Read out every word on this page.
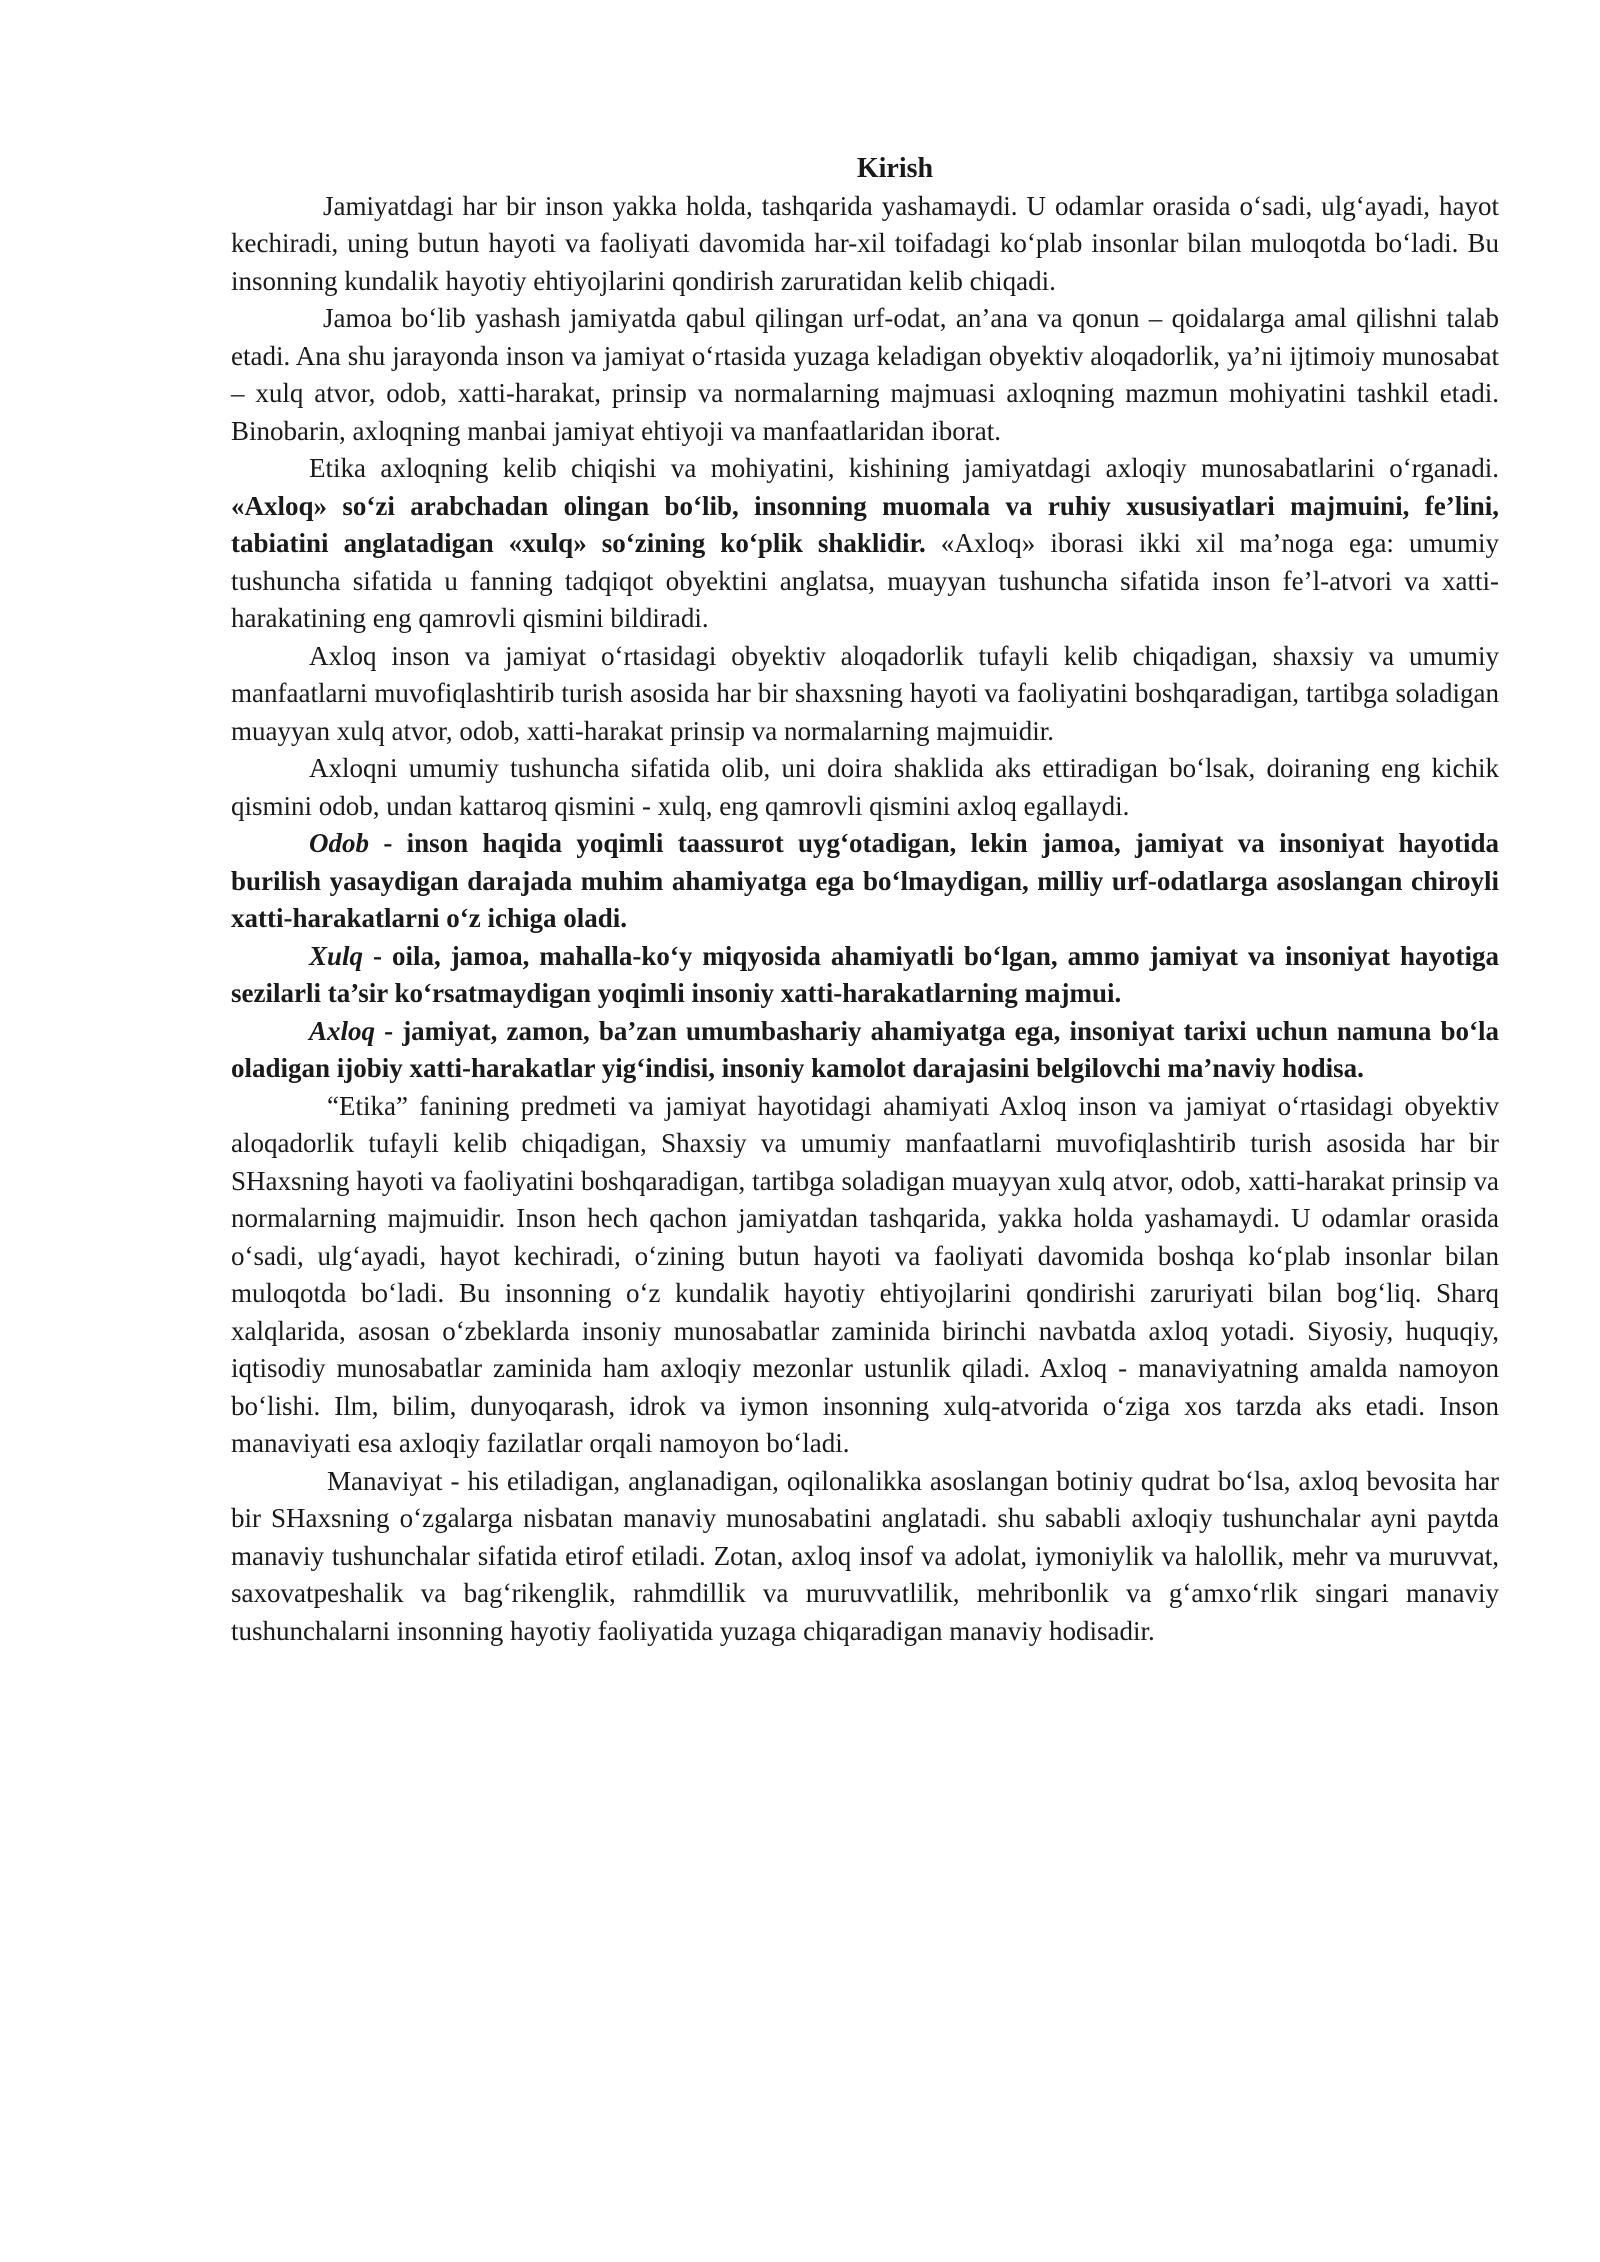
Kirish

Jamiyatdagi har bir inson yakka holda, tashqarida yashamaydi. U odamlar orasida o‘sadi, ulg‘ayadi, hayot kechiradi, uning butun hayoti va faoliyati davomida har-xil toifadagi ko‘plab insonlar bilan muloqotda bo‘ladi. Bu insonning kundalik hayotiy ehtiyojlarini qondirish zaruratidan kelib chiqadi.

Jamoa bo‘lib yashash jamiyatda qabul qilingan urf-odat, an’ana va qonun – qoidalarga amal qilishni talab etadi. Ana shu jarayonda inson va jamiyat o‘rtasida yuzaga keladigan obyektiv aloqadorlik, ya’ni ijtimoiy munosabat – xulq atvor, odob, xatti-harakat, prinsip va normalarning majmuasi axloqning mazmun mohiyatini tashkil etadi. Binobarin, axloqning manbai jamiyat ehtiyoji va manfaatlaridan iborat.

Etika axloqning kelib chiqishi va mohiyatini, kishining jamiyatdagi axloqiy munosabatlarini o‘rganadi. «Axloq» so‘zi arabchadan olingan bo‘lib, insonning muomala va ruhiy xususiyatlari majmuini, fe’lini, tabiatini anglatadigan «xulq» so‘zining ko‘plik shaklidir. «Axloq» iborasi ikki xil ma’noga ega: umumiy tushuncha sifatida u fanning tadqiqot obyektini anglatsa, muayyan tushuncha sifatida inson fe’l-atvori va xatti-harakatining eng qamrovli qismini bildiradi.

Axloq inson va jamiyat o‘rtasidagi obyektiv aloqadorlik tufayli kelib chiqadigan, shaxsiy va umumiy manfaatlarni muvofiqlashtirib turish asosida har bir shaxsning hayoti va faoliyatini boshqaradigan, tartibga soladigan muayyan xulq atvor, odob, xatti-harakat prinsip va normalarning majmuidir.

Axloqni umumiy tushuncha sifatida olib, uni doira shaklida aks ettiradigan bo‘lsak, doiraning eng kichik qismini odob, undan kattaroq qismini - xulq, eng qamrovli qismini axloq egallaydi.

Odob - inson haqida yoqimli taassurot uyg‘otadigan, lekin jamoa, jamiyat va insoniyat hayotida burilish yasaydigan darajada muhim ahamiyatga ega bo‘lmaydigan, milliy urf-odatlarga asoslangan chiroyli xatti-harakatlarni o‘z ichiga oladi.

Xulq - oila, jamoa, mahalla-ko‘y miqyosida ahamiyatli bo‘lgan, ammo jamiyat va insoniyat hayotiga sezilarli ta’sir ko‘rsatmaydigan yoqimli insoniy xatti-harakatlarning majmui.

Axloq - jamiyat, zamon, ba’zan umumbashariy ahamiyatga ega, insoniyat tarixi uchun namuna bo‘la oladigan ijobiy xatti-harakatlar yig‘indisi, insoniy kamolot darajasini belgilovchi ma’naviy hodisa.

“Etika” fanining predmeti va jamiyat hayotidagi ahamiyati Axloq inson va jamiyat o‘rtasidagi obyektiv aloqadorlik tufayli kelib chiqadigan, Shaxsiy va umumiy manfaatlarni muvofiqlashtirib turish asosida har bir SHaxsning hayoti va faoliyatini boshqaradigan, tartibga soladigan muayyan xulq atvor, odob, xatti-harakat prinsip va normalarning majmuidir. Inson hech qachon jamiyatdan tashqarida, yakka holda yashamaydi. U odamlar orasida o‘sadi, ulg‘ayadi, hayot kechiradi, o‘zining butun hayoti va faoliyati davomida boshqa ko‘plab insonlar bilan muloqotda bo‘ladi. Bu insonning o‘z kundalik hayotiy ehtiyojlarini qondirishi zaruriyati bilan bog‘liq. Sharq xalqlarida, asosan o‘zbeklarda insoniy munosabatlar zaminida birinchi navbatda axloq yotadi. Siyosiy, huquqiy, iqtisodiy munosabatlar zaminida ham axloqiy mezonlar ustunlik qiladi. Axloq - manaviyatning amalda namoyon bo‘lishi. Ilm, bilim, dunyoqarash, idrok va iymon insonning xulq-atvorida o‘ziga xos tarzda aks etadi. Inson manaviyati esa axloqiy fazilatlar orqali namoyon bo‘ladi.

Manaviyat - his etiladigan, anglanadigan, oqilonalikka asoslangan botiniy qudrat bo‘lsa, axloq bevosita har bir SHaxsning o‘zgalarga nisbatan manaviy munosabatini anglatadi. shu sababli axloqiy tushunchalar ayni paytda manaviy tushunchalar sifatida etirof etiladi. Zotan, axloq insof va adolat, iymoniylik va halollik, mehr va muruvvat, saxovatpeshalik va bag‘rikenglik, rahmdillik va muruvvatlilik, mehribonlik va g‘amxo‘rlik singari manaviy tushunchalarni insonning hayotiy faoliyatida yuzaga chiqaradigan manaviy hodisadir.
